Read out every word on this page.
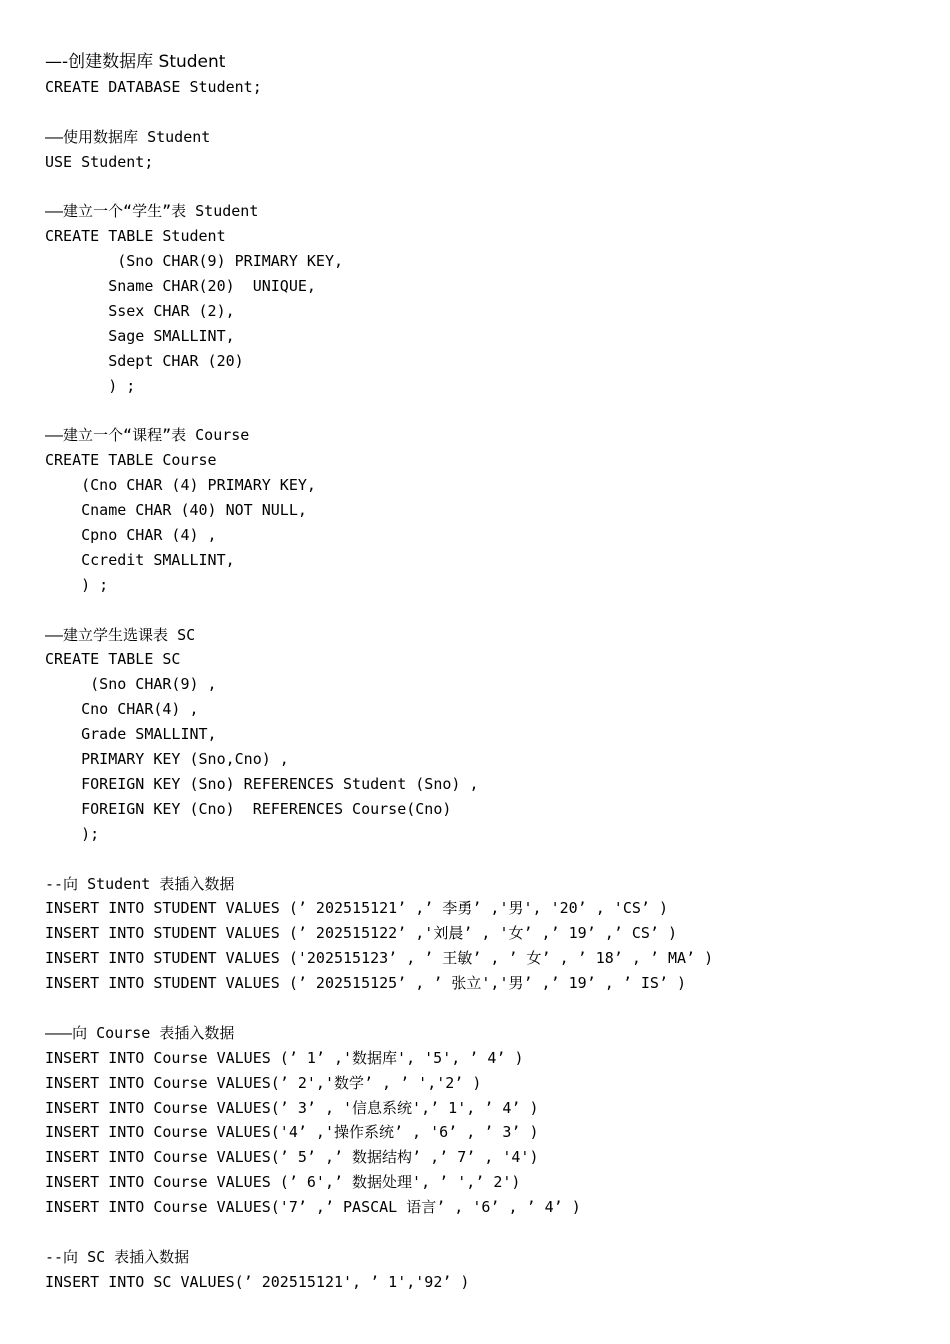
—-创建数据库 Student
CREATE DATABASE Student;
——使用数据库 Student
USE Student;
——建立一个“学生”表 Student
CREATE TABLE Student
(Sno CHAR(9) PRIMARY KEY,
Sname CHAR(20)  UNIQUE,
Ssex CHAR (2),
Sage SMALLINT,
Sdept CHAR (20)
) ;
——建立一个“课程”表 Course
CREATE TABLE Course
(Cno CHAR (4) PRIMARY KEY,
Cname CHAR (40) NOT NULL,
Cpno CHAR (4) ,
Ccredit SMALLINT,
) ;
——建立学生选课表 SC
CREATE TABLE SC
(Sno CHAR(9) ,
Cno CHAR(4) ,
Grade SMALLINT,
PRIMARY KEY (Sno,Cno) ,
FOREIGN KEY (Sno) REFERENCES Student (Sno) ,
FOREIGN KEY (Cno)  REFERENCES Course(Cno)
);
--向 Student 表插入数据
INSERT INTO STUDENT VALUES (’ 202515121’ ,’ 李勇’ ,'男', '20’ , 'CS’ )
INSERT INTO STUDENT VALUES (’ 202515122’ ,'刘晨’ , '女’ ,’ 19’ ,’ CS’ )
INSERT INTO STUDENT VALUES ('202515123’ , ’ 王敏’ , ’ 女’ , ’ 18’ , ’ MA’ )
INSERT INTO STUDENT VALUES (’ 202515125’ , ’ 张立','男’ ,’ 19’ , ’ IS’ )
———向 Course 表插入数据
INSERT INTO Course VALUES (’ 1’ ,'数据库', '5', ’ 4’ )
INSERT INTO Course VALUES(’ 2','数学’ , ’ ','2’ )
INSERT INTO Course VALUES(’ 3’ , '信息系统',’ 1', ’ 4’ )
INSERT INTO Course VALUES('4’ ,'操作系统’ , '6’ , ’ 3’ )
INSERT INTO Course VALUES(’ 5’ ,’ 数据结构’ ,’ 7’ , '4')
INSERT INTO Course VALUES (’ 6',’ 数据处理', ’ ',’ 2')
INSERT INTO Course VALUES('7’ ,’ PASCAL 语言’ , '6’ , ’ 4’ )
--向 SC 表插入数据
INSERT INTO SC VALUES(’ 202515121', ’ 1','92’ )
